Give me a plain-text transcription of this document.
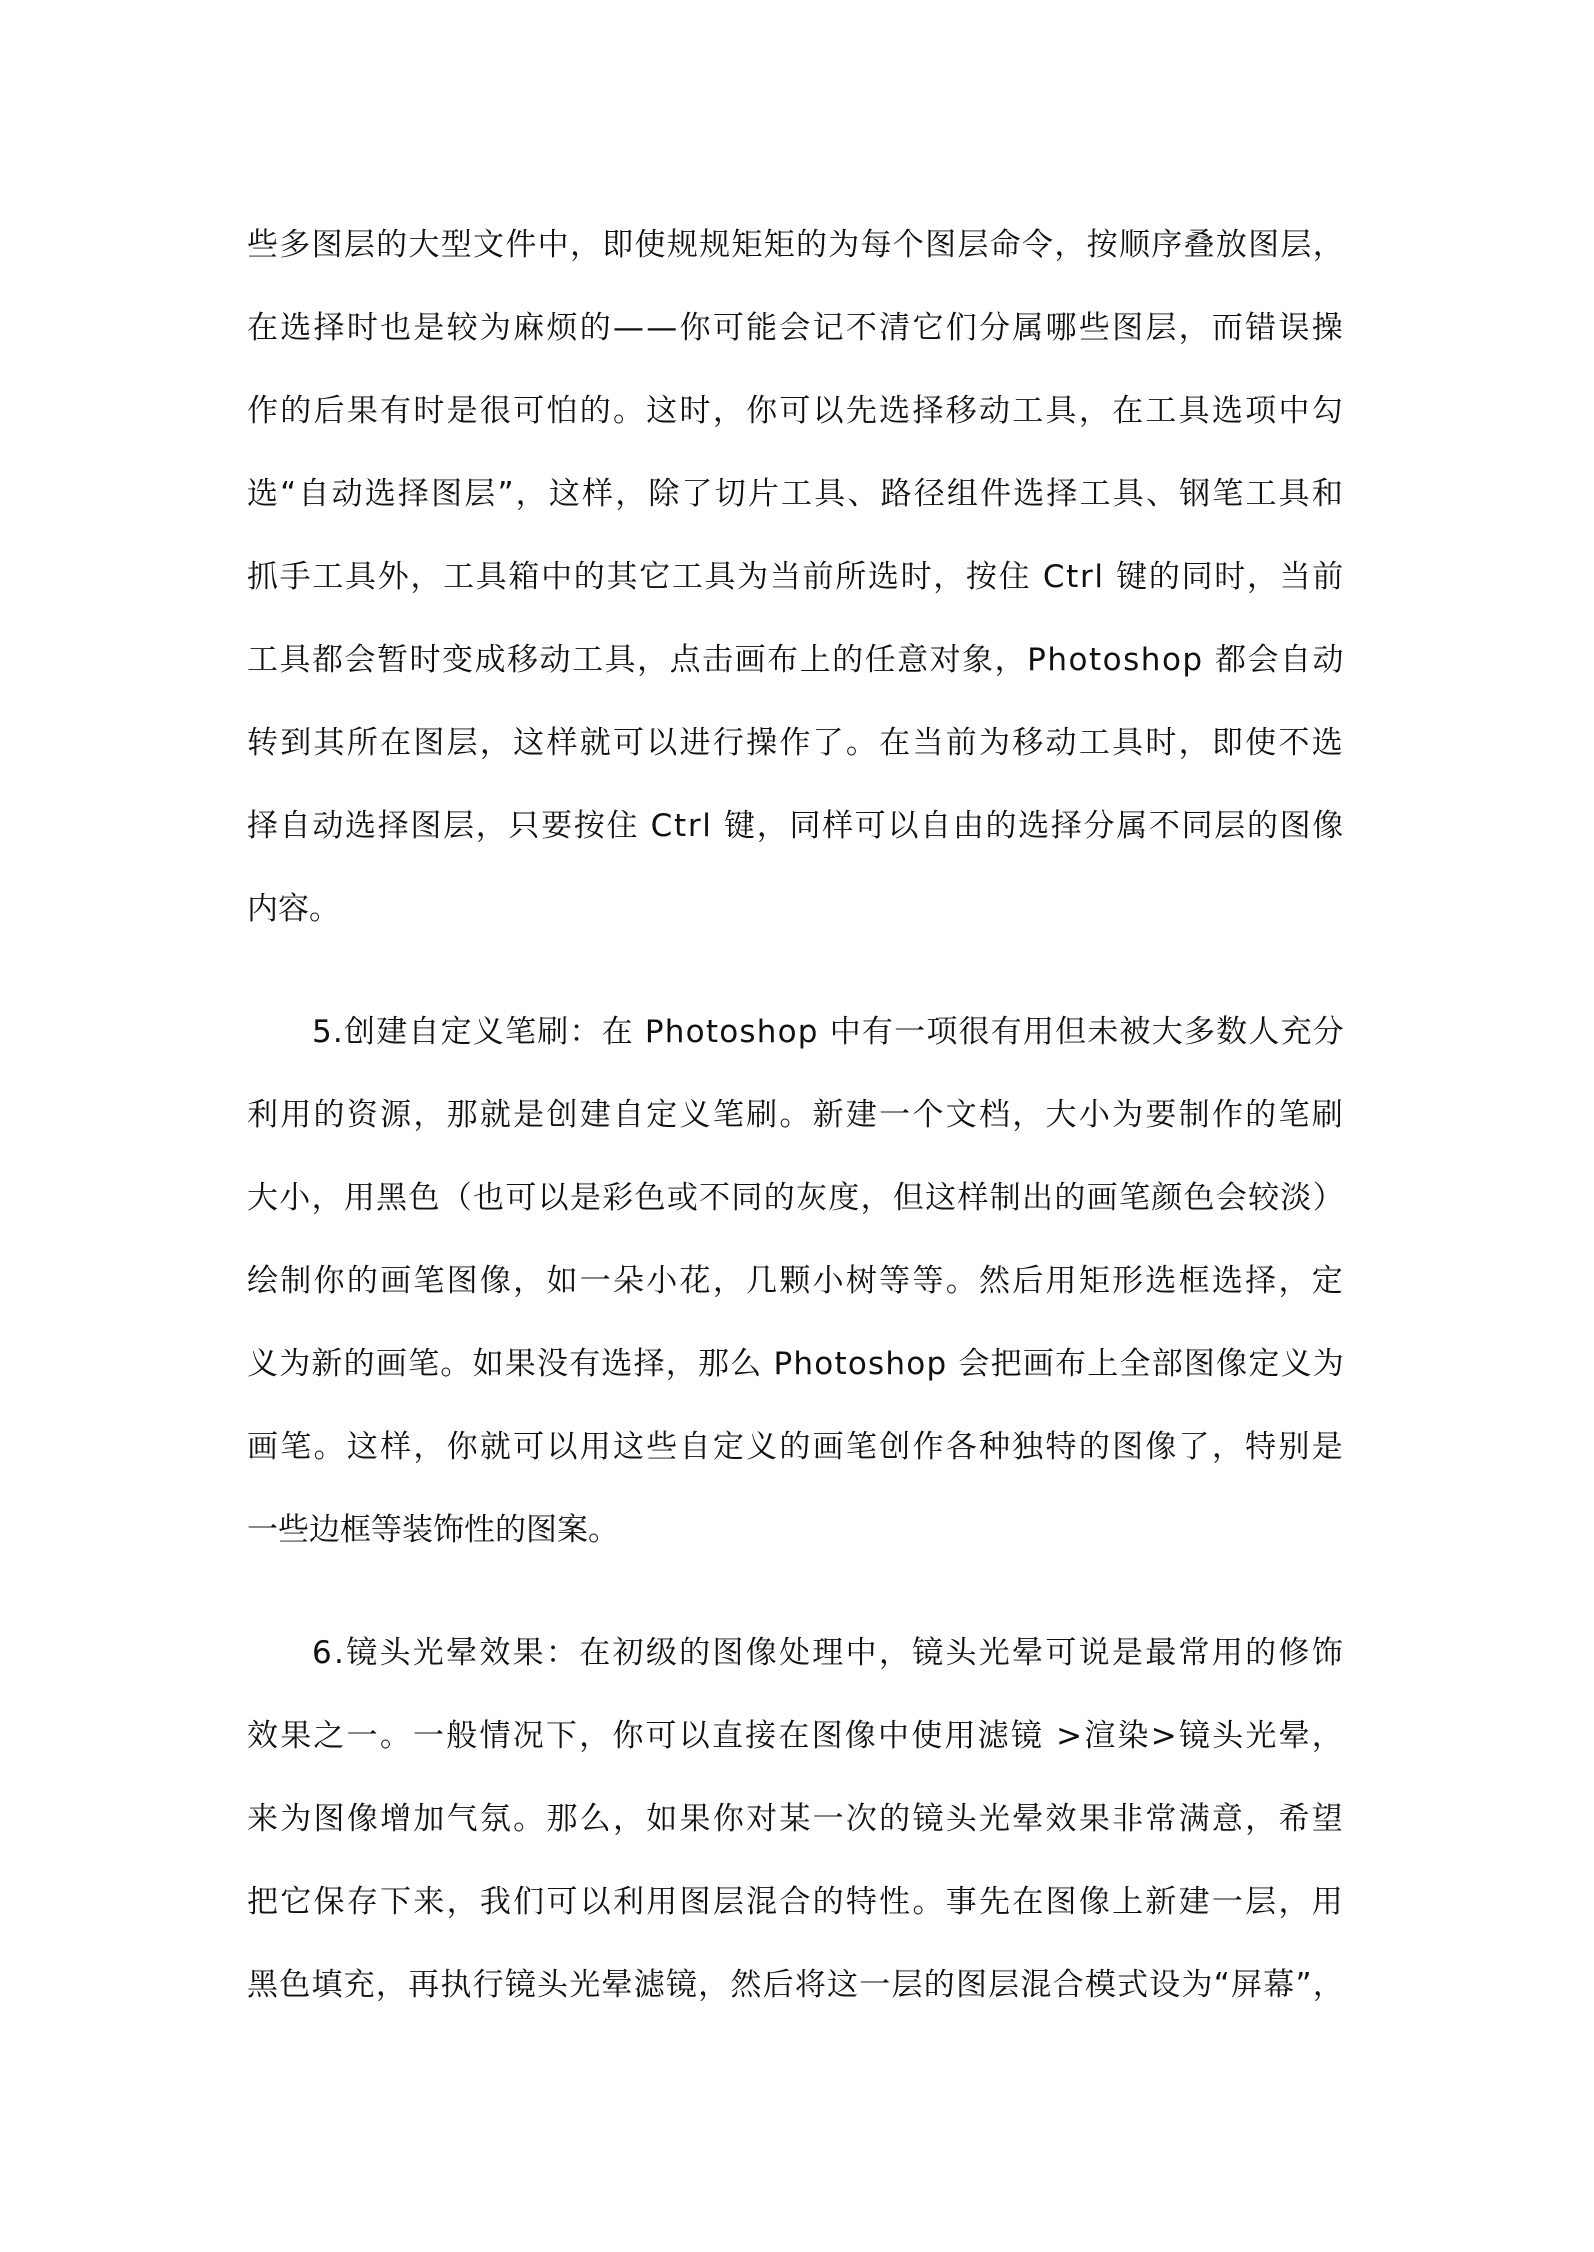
些多图层的大型文件中，即使规规矩矩的为每个图层命令，按顺序叠放图层，
在选择时也是较为麻烦的——你可能会记不清它们分属哪些图层，而错误操
作的后果有时是很可怕的。这时，你可以先选择移动工具，在工具选项中勾
选“自动选择图层”，这样，除了切片工具、路径组件选择工具、钢笔工具和
抓手工具外，工具箱中的其它工具为当前所选时，按住 Ctrl 键的同时，当前
工具都会暂时变成移动工具，点击画布上的任意对象，Photoshop 都会自动
转到其所在图层，这样就可以进行操作了。在当前为移动工具时，即使不选
择自动选择图层，只要按住 Ctrl 键，同样可以自由的选择分属不同层的图像
内容。
5.创建自定义笔刷：在 Photoshop 中有一项很有用但未被大多数人充分
利用的资源，那就是创建自定义笔刷。新建一个文档，大小为要制作的笔刷
大小，用黑色（也可以是彩色或不同的灰度，但这样制出的画笔颜色会较淡）
绘制你的画笔图像，如一朵小花，几颗小树等等。然后用矩形选框选择，定
义为新的画笔。如果没有选择，那么 Photoshop 会把画布上全部图像定义为
画笔。这样，你就可以用这些自定义的画笔创作各种独特的图像了，特别是
一些边框等装饰性的图案。
6.镜头光晕效果：在初级的图像处理中，镜头光晕可说是最常用的修饰
效果之一。一般情况下，你可以直接在图像中使用滤镜 >渲染>镜头光晕，
来为图像增加气氛。那么，如果你对某一次的镜头光晕效果非常满意，希望
把它保存下来，我们可以利用图层混合的特性。事先在图像上新建一层，用
黑色填充，再执行镜头光晕滤镜，然后将这一层的图层混合模式设为“屏幕”，
